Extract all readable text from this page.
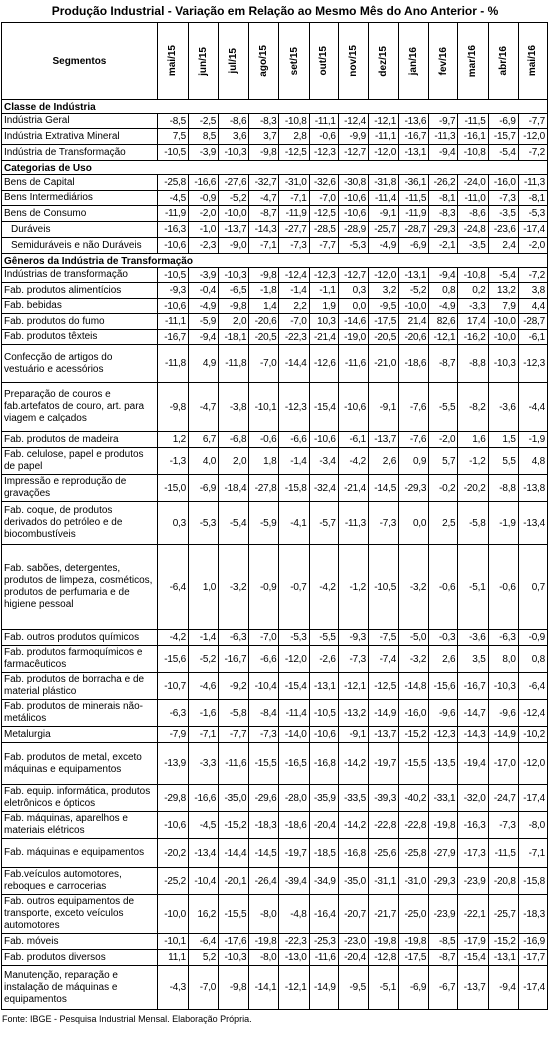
Produção Industrial - Variação em Relação ao Mesmo Mês do Ano Anterior - %
Segmentos	mai/15	jun/15	jul/15	ago/15	set/15	out/15	nov/15	dez/15	jan/16	fev/16	mar/16	abr/16	mai/16

Classe de Indústria													
Indústria Geral	-8,5	-2,5	-8,6	-8,3	-10,8	-11,1	-12,4	-12,1	-13,6	-9,7	-11,5	-6,9	-7,7
Indústria Extrativa Mineral	7,5	8,5	3,6	3,7	2,8	-0,6	-9,9	-11,1	-16,7	-11,3	-16,1	-15,7	-12,0
Indústria de Transformação	-10,5	-3,9	-10,3	-9,8	-12,5	-12,3	-12,7	-12,0	-13,1	-9,4	-10,8	-5,4	-7,2
Categorias de Uso													
Bens de Capital	-25,8	-16,6	-27,6	-32,7	-31,0	-32,6	-30,8	-31,8	-36,1	-26,2	-24,0	-16,0	-11,3
Bens Intermediários	-4,5	-0,9	-5,2	-4,7	-7,1	-7,0	-10,6	-11,4	-11,5	-8,1	-11,0	-7,3	-8,1
Bens de Consumo	-11,9	-2,0	-10,0	-8,7	-11,9	-12,5	-10,6	-9,1	-11,9	-8,3	-8,6	-3,5	-5,3
Duráveis	-16,3	-1,0	-13,7	-14,3	-27,7	-28,5	-28,9	-25,7	-28,7	-29,3	-24,8	-23,6	-17,4
Semiduráveis e não Duráveis	-10,6	-2,3	-9,0	-7,1	-7,3	-7,7	-5,3	-4,9	-6,9	-2,1	-3,5	2,4	-2,0
Gêneros da Indústria de Transformação													
Indústrias de transformação	-10,5	-3,9	-10,3	-9,8	-12,4	-12,3	-12,7	-12,0	-13,1	-9,4	-10,8	-5,4	-7,2
Fab. produtos alimentícios	-9,3	-0,4	-6,5	-1,8	-1,4	-1,1	0,3	3,2	-5,2	0,8	0,2	13,2	3,8
Fab. bebidas	-10,6	-4,9	-9,8	1,4	2,2	1,9	0,0	-9,5	-10,0	-4,9	-3,3	7,9	4,4
Fab. produtos do fumo	-11,1	-5,9	2,0	-20,6	-7,0	10,3	-14,6	-17,5	21,4	82,6	17,4	-10,0	-28,7
Fab. produtos têxteis	-16,7	-9,4	-18,1	-20,5	-22,3	-21,4	-19,0	-20,5	-20,6	-12,1	-16,2	-10,0	-6,1
Confecção de artigos do vestuário e acessórios	-11,8	4,9	-11,8	-7,0	-14,4	-12,6	-11,6	-21,0	-18,6	-8,7	-8,8	-10,3	-12,3
Preparação de couros e fab.artefatos de couro, art. para viagem e calçados	-9,8	-4,7	-3,8	-10,1	-12,3	-15,4	-10,6	-9,1	-7,6	-5,5	-8,2	-3,6	-4,4
Fab. produtos de madeira	1,2	6,7	-6,8	-0,6	-6,6	-10,6	-6,1	-13,7	-7,6	-2,0	1,6	1,5	-1,9
Fab. celulose, papel e produtos de papel	-1,3	4,0	2,0	1,8	-1,4	-3,4	-4,2	2,6	0,9	5,7	-1,2	5,5	4,8
Impressão e reprodução de gravações	-15,0	-6,9	-18,4	-27,8	-15,8	-32,4	-21,4	-14,5	-29,3	-0,2	-20,2	-8,8	-13,8
Fab. coque, de produtos derivados do petróleo e de biocombustíveis	0,3	-5,3	-5,4	-5,9	-4,1	-5,7	-11,3	-7,3	0,0	2,5	-5,8	-1,9	-13,4
Fab. sabões, detergentes, produtos de limpeza, cosméticos, produtos de perfumaria e de higiene pessoal	-6,4	1,0	-3,2	-0,9	-0,7	-4,2	-1,2	-10,5	-3,2	-0,6	-5,1	-0,6	0,7
Fab. outros produtos químicos	-4,2	-1,4	-6,3	-7,0	-5,3	-5,5	-9,3	-7,5	-5,0	-0,3	-3,6	-6,3	-0,9
Fab. produtos farmoquímicos e farmacêuticos	-15,6	-5,2	-16,7	-6,6	-12,0	-2,6	-7,3	-7,4	-3,2	2,6	3,5	8,0	0,8
Fab. produtos de borracha e de material plástico	-10,7	-4,6	-9,2	-10,4	-15,4	-13,1	-12,1	-12,5	-14,8	-15,6	-16,7	-10,3	-6,4
Fab. produtos de minerais não-metálicos	-6,3	-1,6	-5,8	-8,4	-11,4	-10,5	-13,2	-14,9	-16,0	-9,6	-14,7	-9,6	-12,4
Metalurgia	-7,9	-7,1	-7,7	-7,3	-14,0	-10,6	-9,1	-13,7	-15,2	-12,3	-14,3	-14,9	-10,2
Fab. produtos de metal, exceto máquinas e equipamentos	-13,9	-3,3	-11,6	-15,5	-16,5	-16,8	-14,2	-19,7	-15,5	-13,5	-19,4	-17,0	-12,0
Fab. equip. informática, produtos eletrônicos e ópticos	-29,8	-16,6	-35,0	-29,6	-28,0	-35,9	-33,5	-39,3	-40,2	-33,1	-32,0	-24,7	-17,4
Fab. máquinas, aparelhos e materiais elétricos	-10,6	-4,5	-15,2	-18,3	-18,6	-20,4	-14,2	-22,8	-22,8	-19,8	-16,3	-7,3	-8,0
Fab. máquinas e equipamentos	-20,2	-13,4	-14,4	-14,5	-19,7	-18,5	-16,8	-25,6	-25,8	-27,9	-17,3	-11,5	-7,1
Fab.veículos automotores, reboques e carrocerias	-25,2	-10,4	-20,1	-26,4	-39,4	-34,9	-35,0	-31,1	-31,0	-29,3	-23,9	-20,8	-15,8
Fab. outros equipamentos de transporte, exceto veículos automotores	-10,0	16,2	-15,5	-8,0	-4,8	-16,4	-20,7	-21,7	-25,0	-23,9	-22,1	-25,7	-18,3
Fab. móveis	-10,1	-6,4	-17,6	-19,8	-22,3	-25,3	-23,0	-19,8	-19,8	-8,5	-17,9	-15,2	-16,9
Fab. produtos diversos	11,1	5,2	-10,3	-8,0	-13,0	-11,6	-20,4	-12,8	-17,5	-8,7	-15,4	-13,1	-17,7
Manutenção, reparação e instalação de máquinas e equipamentos	-4,3	-7,0	-9,8	-14,1	-12,1	-14,9	-9,5	-5,1	-6,9	-6,7	-13,7	-9,4	-17,4
Fonte: IBGE - Pesquisa Industrial Mensal. Elaboração Própria.
